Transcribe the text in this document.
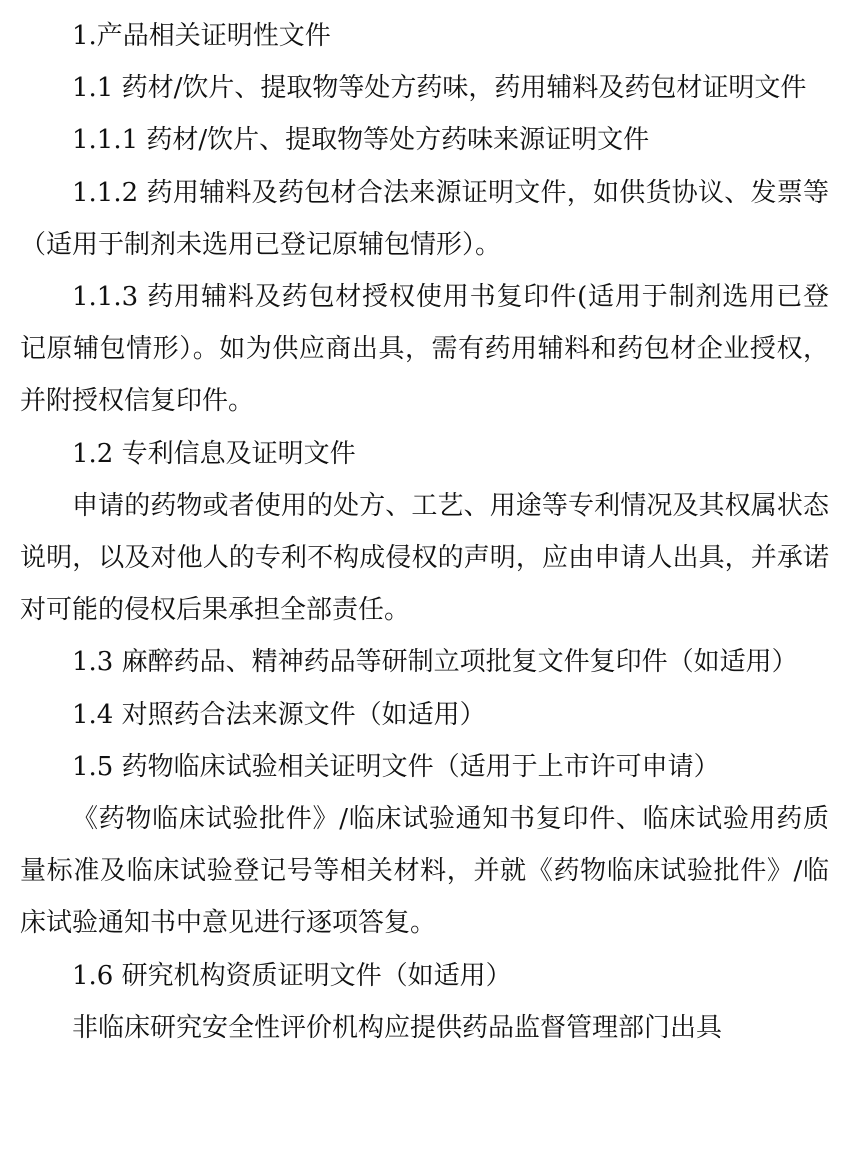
1.产品相关证明性文件

1.1 药材/饮片、提取物等处方药味，药用辅料及药包材证明文件

1.1.1 药材/饮片、提取物等处方药味来源证明文件

1.1.2 药用辅料及药包材合法来源证明文件，如供货协议、发票等（适用于制剂未选用已登记原辅包情形）。

1.1.3 药用辅料及药包材授权使用书复印件(适用于制剂选用已登记原辅包情形）。如为供应商出具，需有药用辅料和药包材企业授权，并附授权信复印件。

1.2 专利信息及证明文件

申请的药物或者使用的处方、工艺、用途等专利情况及其权属状态说明，以及对他人的专利不构成侵权的声明，应由申请人出具，并承诺对可能的侵权后果承担全部责任。

1.3 麻醉药品、精神药品等研制立项批复文件复印件（如适用）

1.4 对照药合法来源文件（如适用）

1.5 药物临床试验相关证明文件（适用于上市许可申请）

《药物临床试验批件》/临床试验通知书复印件、临床试验用药质量标准及临床试验登记号等相关材料，并就《药物临床试验批件》/临床试验通知书中意见进行逐项答复。

1.6 研究机构资质证明文件（如适用）

非临床研究安全性评价机构应提供药品监督管理部门出具
